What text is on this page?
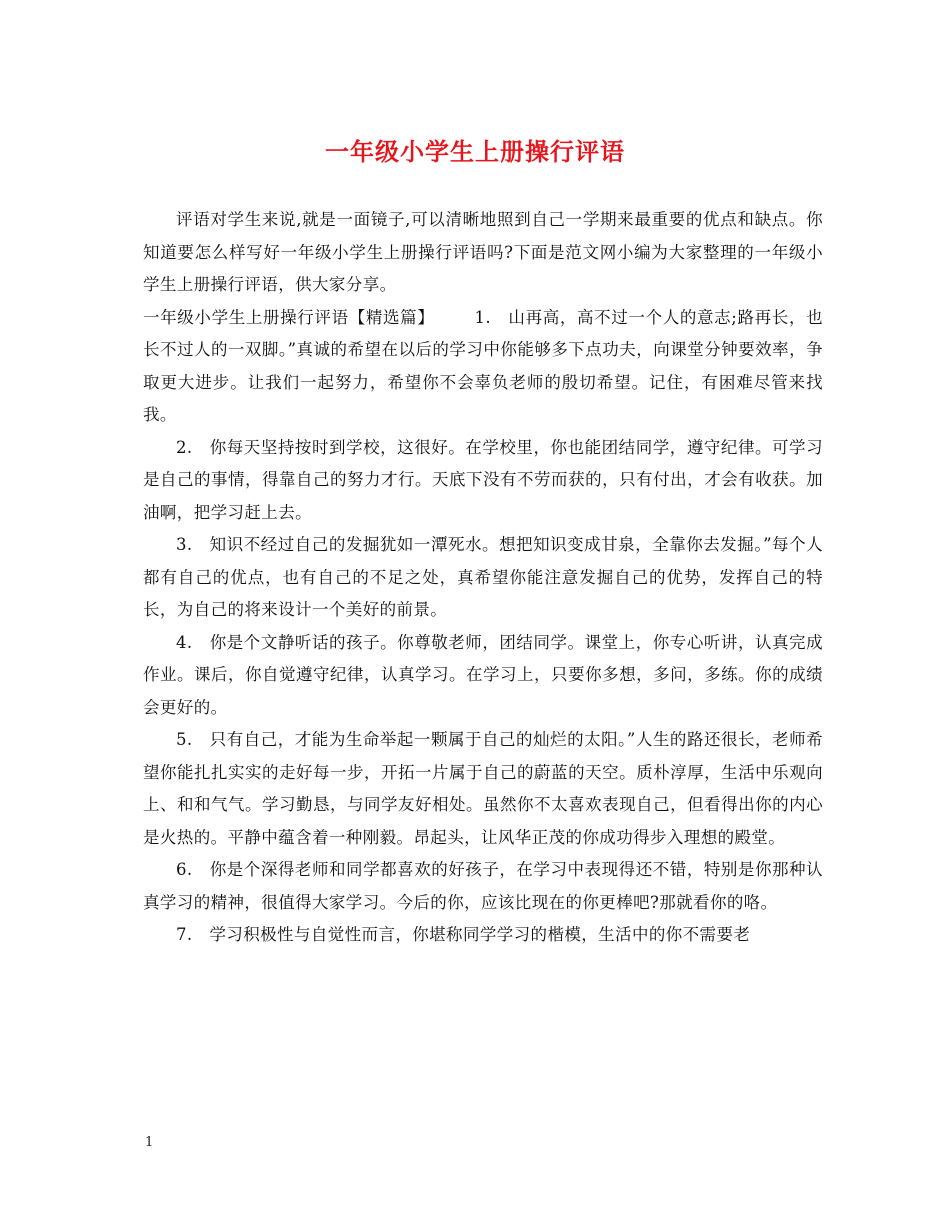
一年级小学生上册操行评语

评语对学生来说,就是一面镜子,可以清晰地照到自己一学期来最重要的优点和缺点。你知道要怎么样写好一年级小学生上册操行评语吗?下面是范文网小编为大家整理的一年级小学生上册操行评语，供大家分享。

一年级小学生上册操行评语【精选篇】 1.　山再高，高不过一个人的意志;路再长，也长不过人的一双脚。”真诚的希望在以后的学习中你能够多下点功夫，向课堂分钟要效率，争取更大进步。让我们一起努力，希望你不会辜负老师的殷切希望。记住，有困难尽管来找我。

2.　你每天坚持按时到学校，这很好。在学校里，你也能团结同学，遵守纪律。可学习是自己的事情，得靠自己的努力才行。天底下没有不劳而获的，只有付出，才会有收获。加油啊，把学习赶上去。

3.　知识不经过自己的发掘犹如一潭死水。想把知识变成甘泉，全靠你去发掘。”每个人都有自己的优点，也有自己的不足之处，真希望你能注意发掘自己的优势，发挥自己的特长，为自己的将来设计一个美好的前景。

4.　你是个文静听话的孩子。你尊敬老师，团结同学。课堂上，你专心听讲，认真完成作业。课后，你自觉遵守纪律，认真学习。在学习上，只要你多想，多问，多练。你的成绩会更好的。

5.　只有自己，才能为生命举起一颗属于自己的灿烂的太阳。”人生的路还很长，老师希望你能扎扎实实的走好每一步，开拓一片属于自己的蔚蓝的天空。质朴淳厚，生活中乐观向上、和和气气。学习勤恳，与同学友好相处。虽然你不太喜欢表现自己，但看得出你的内心是火热的。平静中蕴含着一种刚毅。昂起头，让风华正茂的你成功得步入理想的殿堂。

6.　你是个深得老师和同学都喜欢的好孩子，在学习中表现得还不错，特别是你那种认真学习的精神，很值得大家学习。今后的你，应该比现在的你更棒吧?那就看你的咯。

7.　学习积极性与自觉性而言，你堪称同学学习的楷模，生活中的你不需要老

1
